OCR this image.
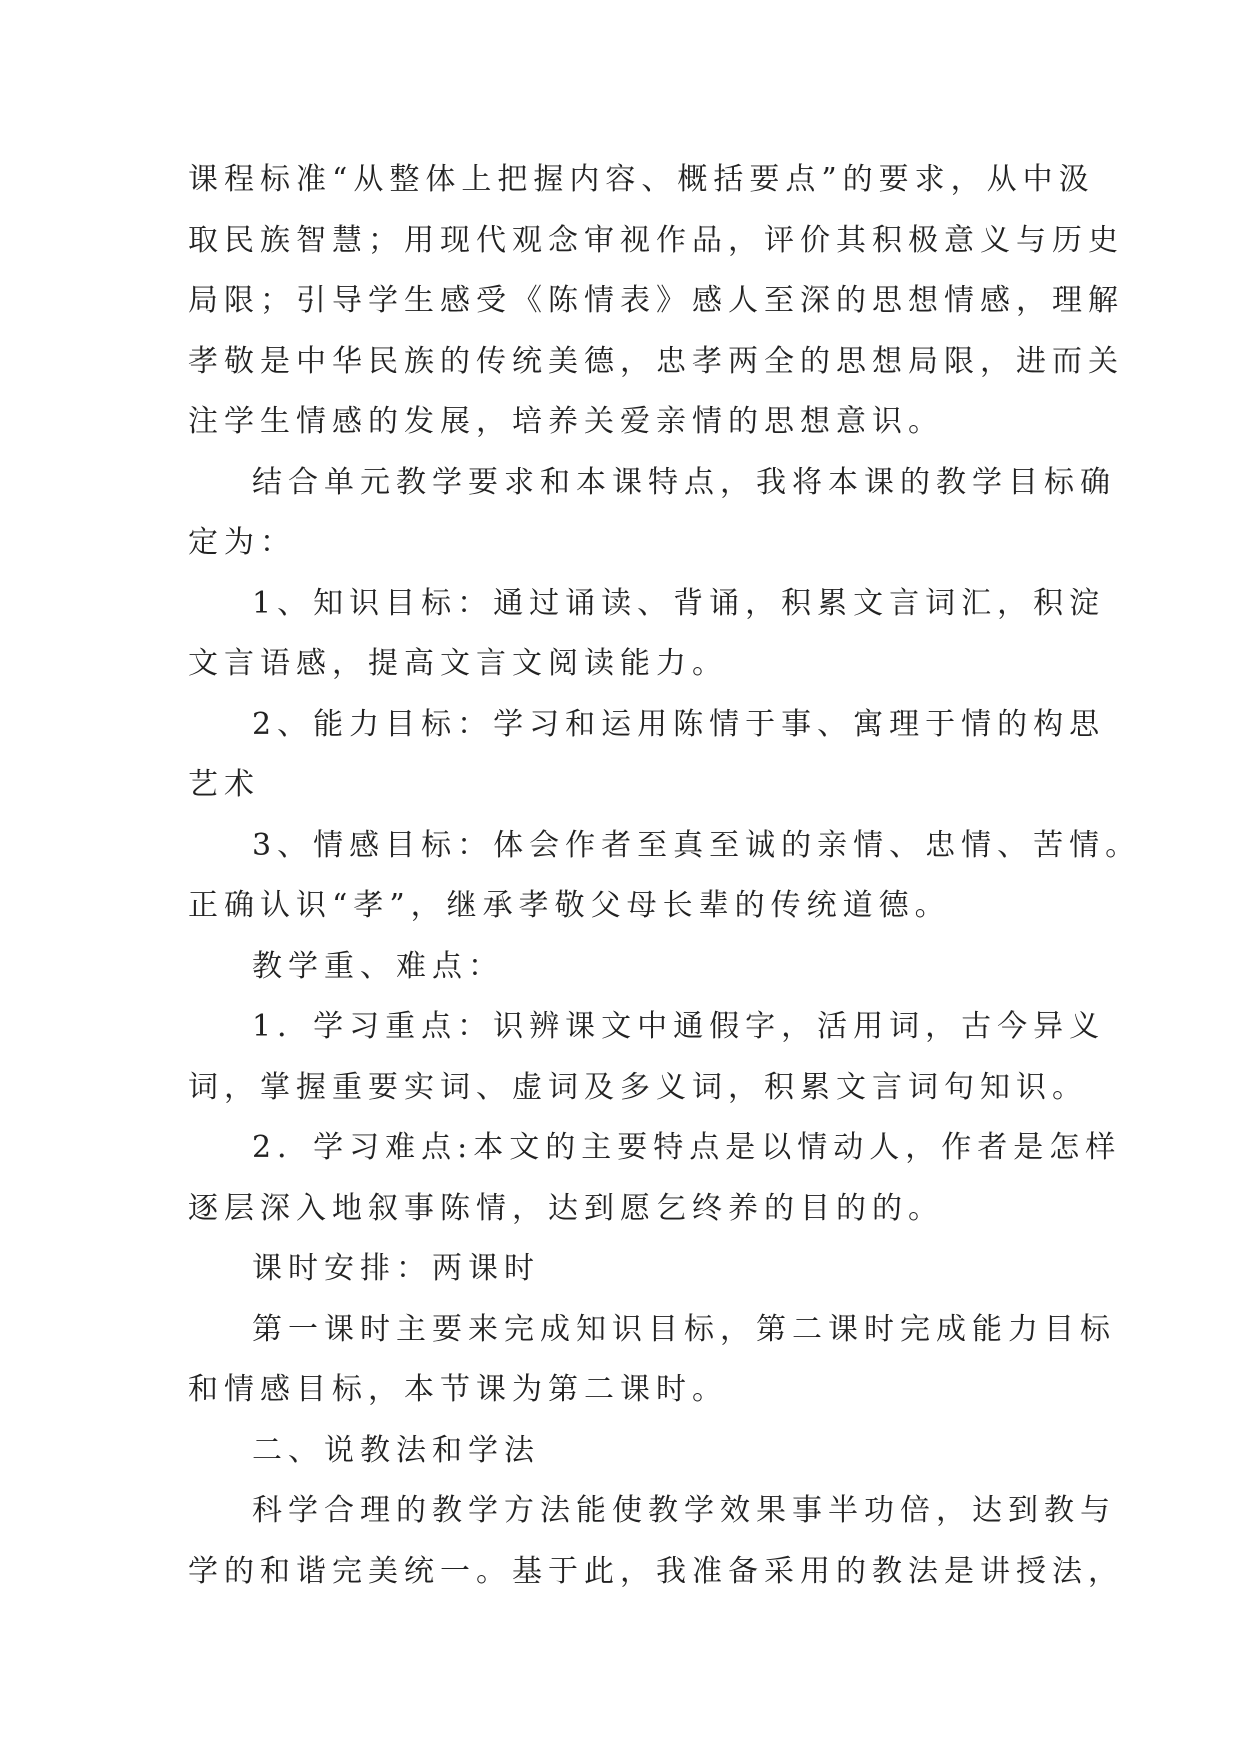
课程标准“从整体上把握内容、概括要点”的要求，从中汲
取民族智慧；用现代观念审视作品，评价其积极意义与历史
局限；引导学生感受《陈情表》感人至深的思想情感，理解
孝敬是中华民族的传统美德，忠孝两全的思想局限，进而关
注学生情感的发展，培养关爱亲情的思想意识。
结合单元教学要求和本课特点，我将本课的教学目标确
定为：
1、知识目标：通过诵读、背诵，积累文言词汇，积淀
文言语感，提高文言文阅读能力。
2、能力目标：学习和运用陈情于事、寓理于情的构思
艺术
3、情感目标：体会作者至真至诚的亲情、忠情、苦情。
正确认识“孝”，继承孝敬父母长辈的传统道德。
教学重、难点：
1．学习重点：识辨课文中通假字，活用词，古今异义
词，掌握重要实词、虚词及多义词，积累文言词句知识。
2．学习难点:本文的主要特点是以情动人，作者是怎样
逐层深入地叙事陈情，达到愿乞终养的目的的。
课时安排：两课时
第一课时主要来完成知识目标，第二课时完成能力目标
和情感目标，本节课为第二课时。
二、说教法和学法
科学合理的教学方法能使教学效果事半功倍，达到教与
学的和谐完美统一。基于此，我准备采用的教法是讲授法，
